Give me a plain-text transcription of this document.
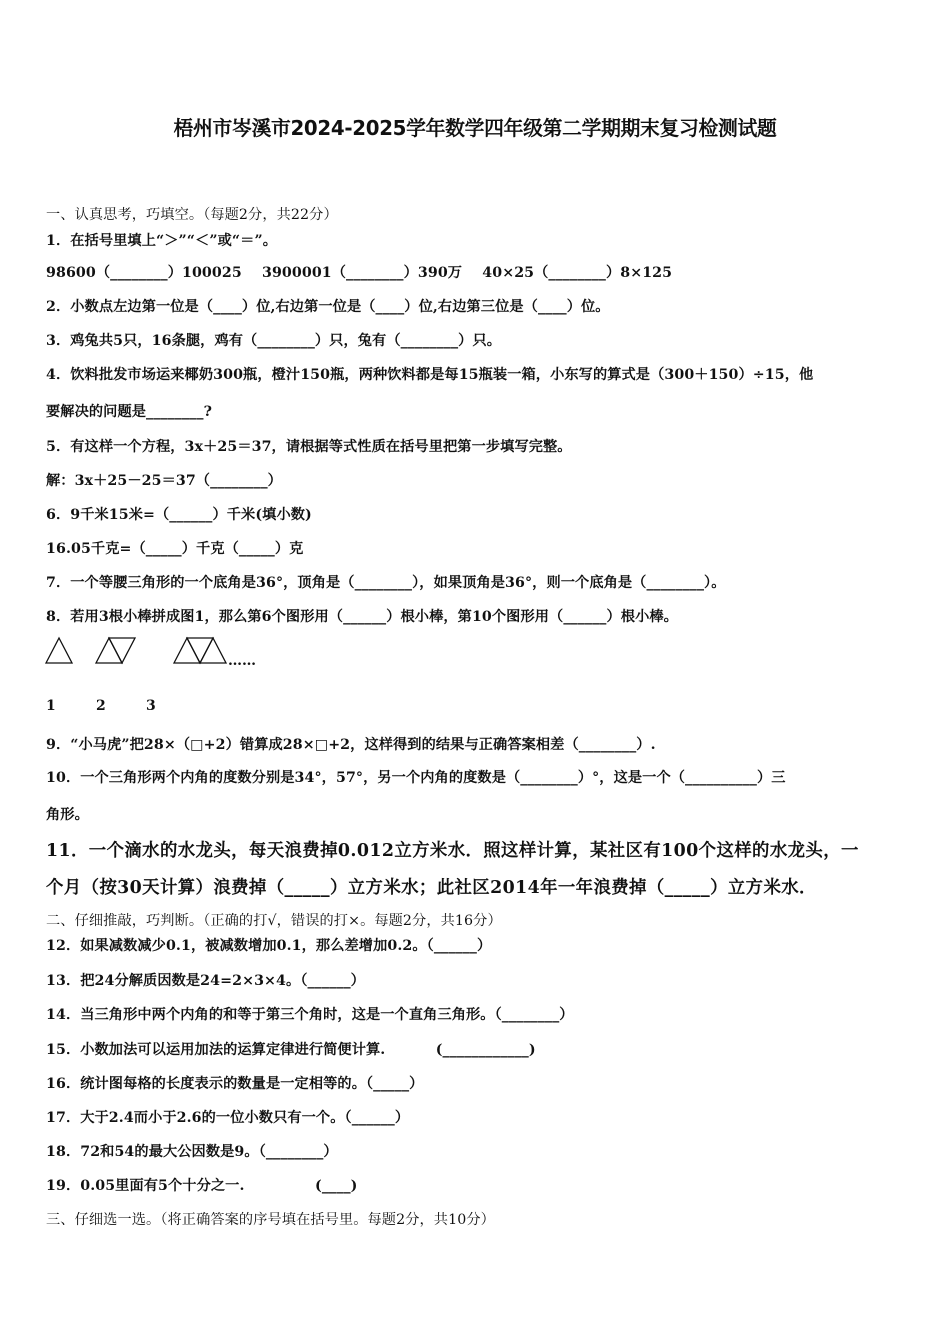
梧州市岑溪市2024-2025学年数学四年级第二学期期末复习检测试题
一、认真思考，巧填空。（每题2分，共22分）
1．在括号里填上“＞”“＜”或“＝”。
98600（________）100025    3900001（________）390万    40×25（________）8×125
2．小数点左边第一位是（____）位,右边第一位是（____）位,右边第三位是（____）位。
3．鸡兔共5只，16条腿，鸡有（________）只，兔有（________）只。
4．饮料批发市场运来椰奶300瓶，橙汁150瓶，两种饮料都是每15瓶装一箱，小东写的算式是（300＋150）÷15，他
要解决的问题是________?
5．有这样一个方程，3x＋25＝37，请根据等式性质在括号里把第一步填写完整。
解：3x＋25－25＝37（________）
6．9千米15米=（______）千米(填小数)
16.05千克=（_____）千克（_____）克
7．一个等腰三角形的一个底角是36°，顶角是（________），如果顶角是36°，则一个底角是（________）。
8．若用3根小棒拼成图1，那么第6个图形用（______）根小棒，第10个图形用（______）根小棒。
……
1	2	3
9．“小马虎”把28×（□+2）错算成28×□+2，这样得到的结果与正确答案相差（________）.
10．一个三角形两个内角的度数分别是34°，57°，另一个内角的度数是（________）°，这是一个（__________）三
角形。
11．一个滴水的水龙头，每天浪费掉0.012立方米水．照这样计算，某社区有100个这样的水龙头，一
个月（按30天计算）浪费掉（_____）立方米水；此社区2014年一年浪费掉（_____）立方米水．
二、仔细推敲，巧判断。（正确的打√，错误的打×。每题2分，共16分）
12．如果减数减少0.1，被减数增加0.1，那么差增加0.2。（______）
13．把24分解质因数是24=2×3×4。（______）
14．当三角形中两个内角的和等于第三个角时，这是一个直角三角形。（________）
15．小数加法可以运用加法的运算定律进行简便计算.          (____________)
16．统计图每格的长度表示的数量是一定相等的。（_____）
17．大于2.4而小于2.6的一位小数只有一个。（______）
18．72和54的最大公因数是9。（________）
19．0.05里面有5个十分之一.              (____)
三、仔细选一选。（将正确答案的序号填在括号里。每题2分，共10分）
